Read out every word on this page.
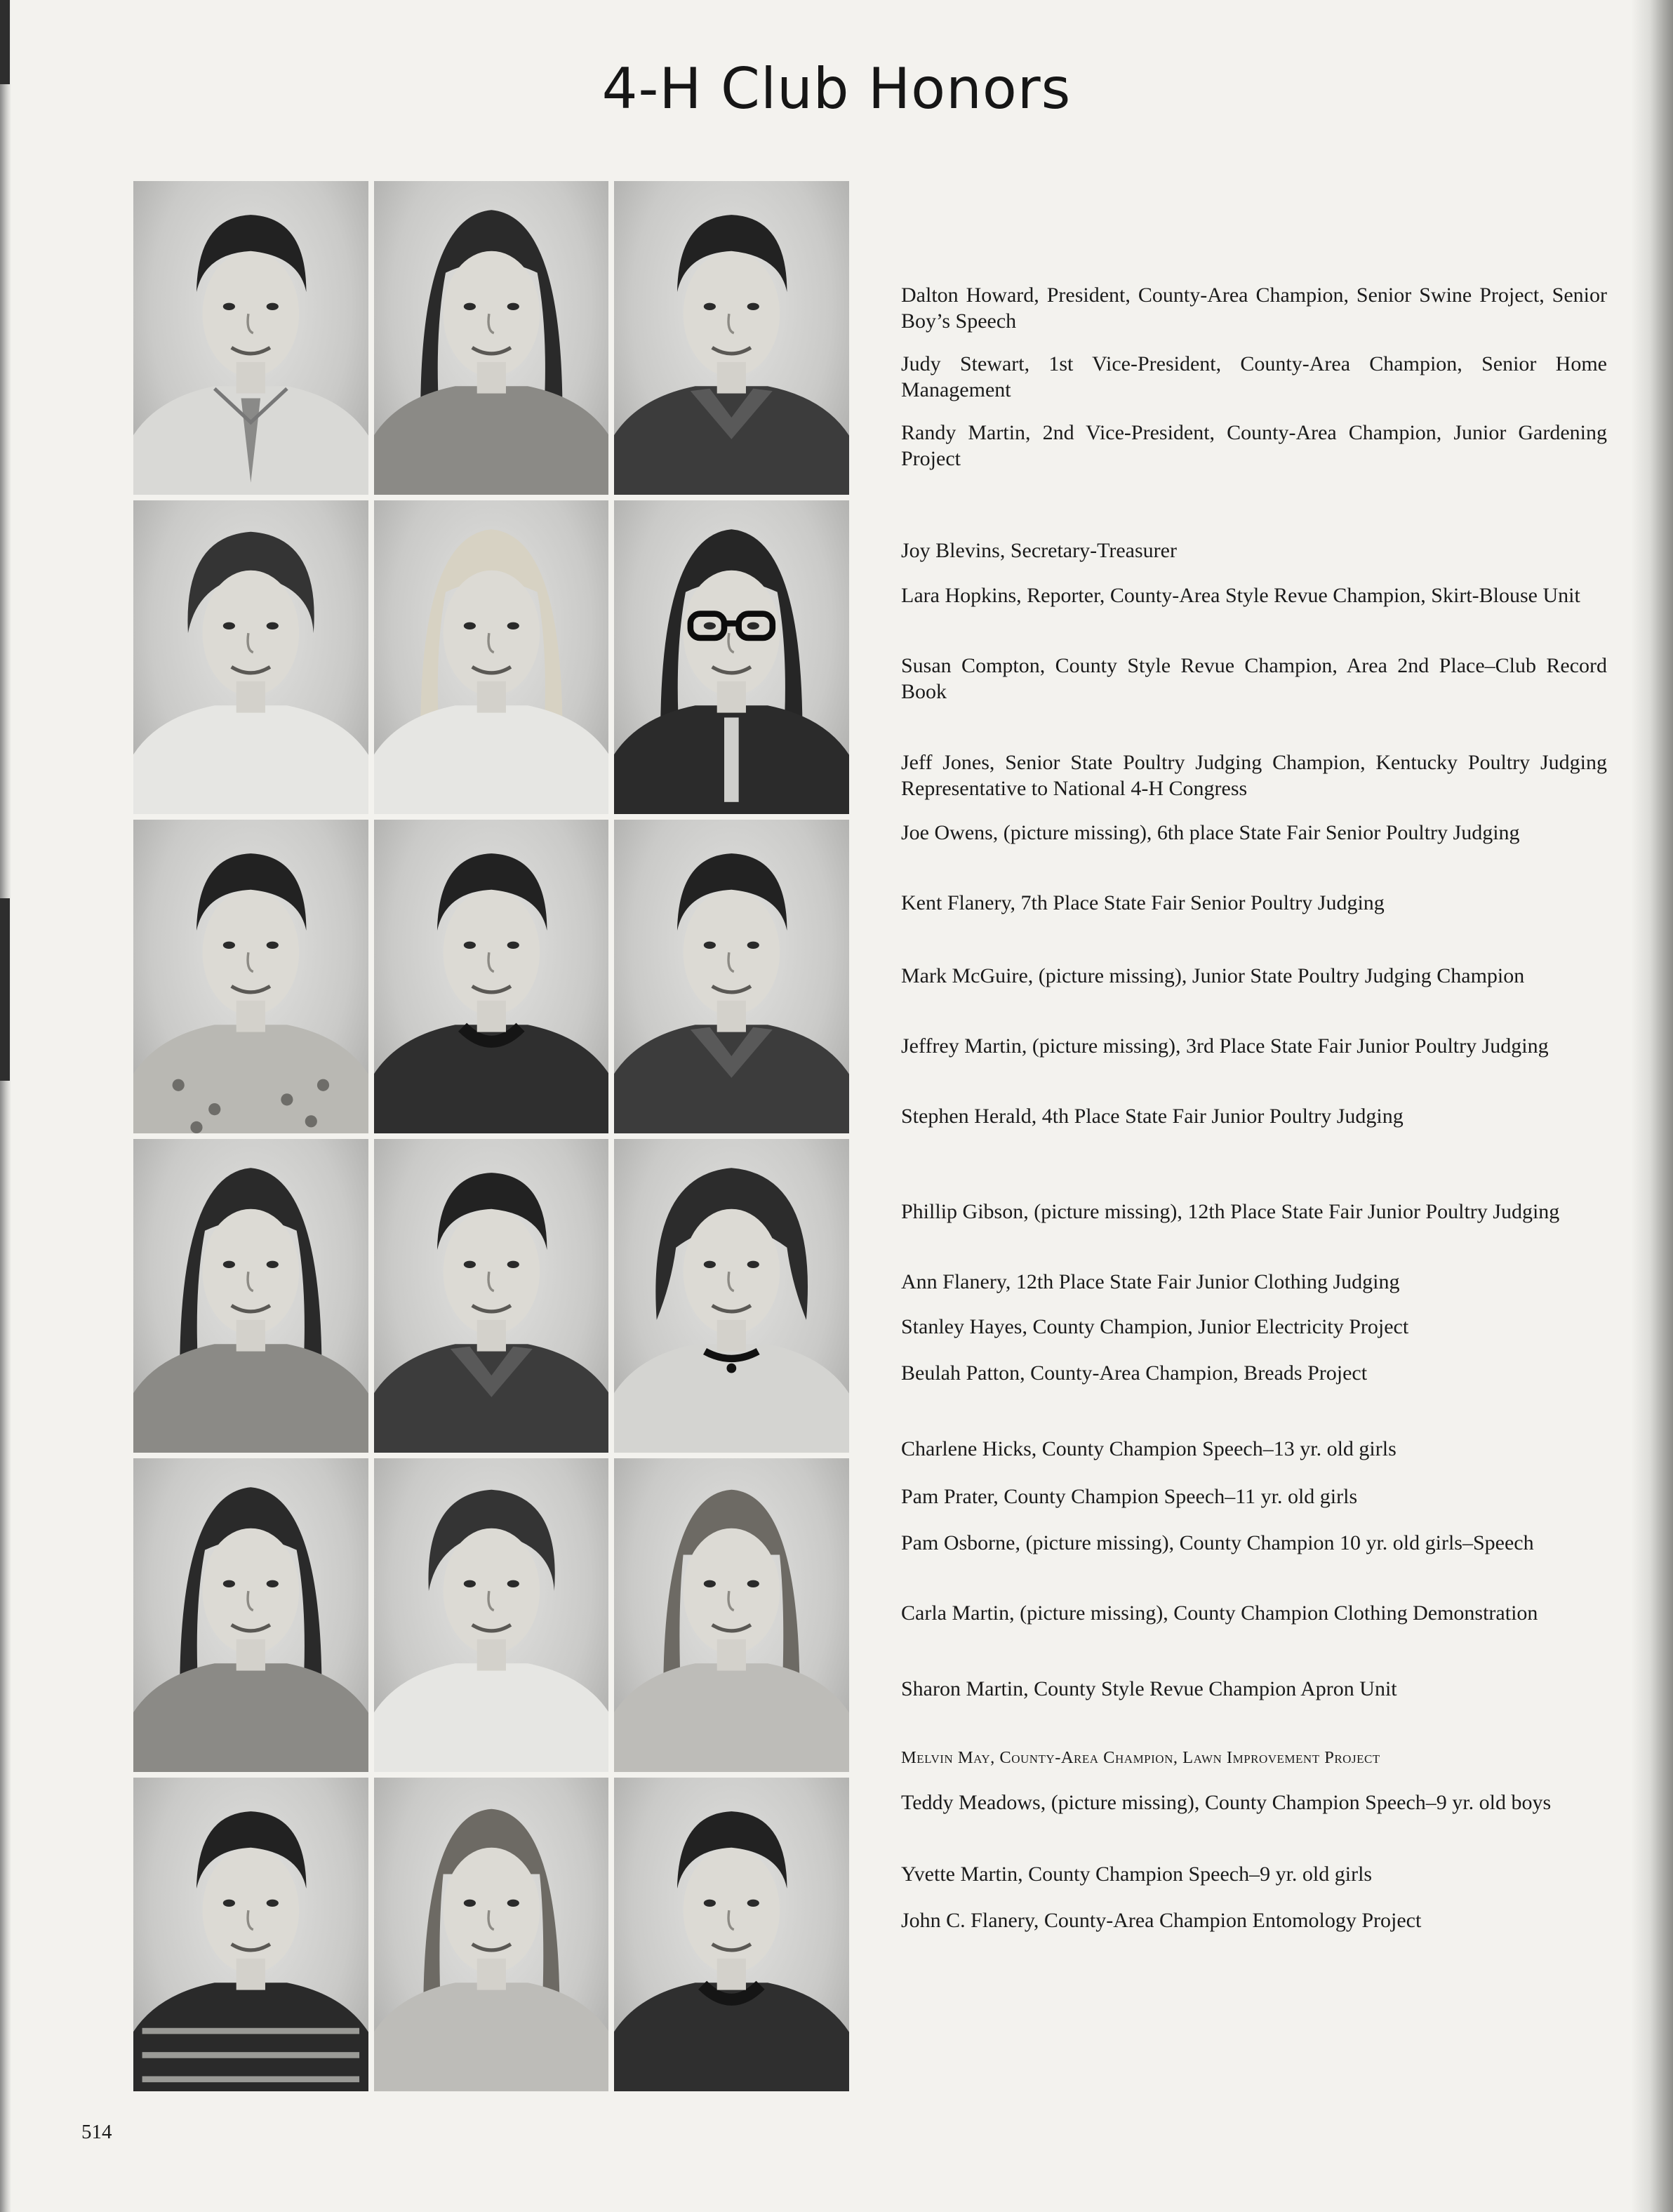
4-H Club Honors

Dalton Howard, President, County-Area Champion, Senior Swine Project, Senior Boy’s Speech

Judy Stewart, 1st Vice-President, County-Area Champion, Senior Home Management

Randy Martin, 2nd Vice-President, County-Area Champion, Junior Gardening Project

Joy Blevins, Secretary-Treasurer

Lara Hopkins, Reporter, County-Area Style Revue Champion, Skirt-Blouse Unit

Susan Compton, County Style Revue Champion, Area 2nd Place–Club Record Book

Jeff Jones, Senior State Poultry Judging Champion, Kentucky Poultry Judging Representative to National 4-H Congress

Joe Owens, (picture missing), 6th place State Fair Senior Poultry Judging

Kent Flanery, 7th Place State Fair Senior Poultry Judging

Mark McGuire, (picture missing), Junior State Poultry Judging Champion

Jeffrey Martin, (picture missing), 3rd Place State Fair Junior Poultry Judging

Stephen Herald, 4th Place State Fair Junior Poultry Judging

Phillip Gibson, (picture missing), 12th Place State Fair Junior Poultry Judging

Ann Flanery, 12th Place State Fair Junior Clothing Judging

Stanley Hayes, County Champion, Junior Electricity Project

Beulah Patton, County-Area Champion, Breads Project

Charlene Hicks, County Champion Speech–13 yr. old girls

Pam Prater, County Champion Speech–11 yr. old girls

Pam Osborne, (picture missing), County Champion 10 yr. old girls–Speech

Carla Martin, (picture missing), County Champion Clothing Demonstration

Sharon Martin, County Style Revue Champion Apron Unit

Melvin May, County-Area Champion, Lawn Improvement Project

Teddy Meadows, (picture missing), County Champion Speech–9 yr. old boys

Yvette Martin, County Champion Speech–9 yr. old girls

John C. Flanery, County-Area Champion Entomology Project

514
